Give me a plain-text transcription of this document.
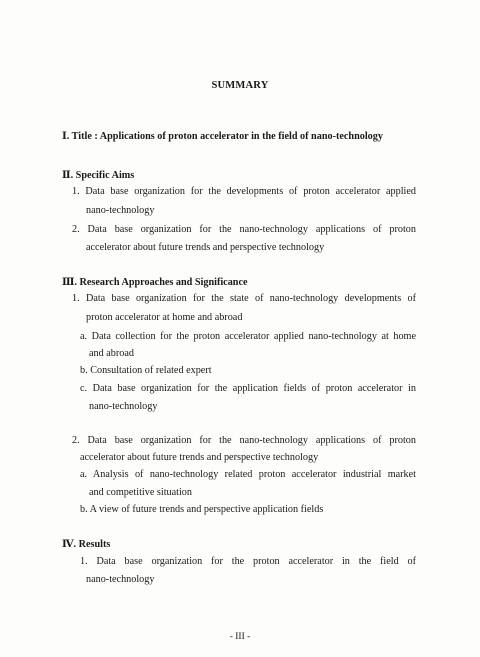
SUMMARY
Ⅰ. Title : Applications of proton accelerator in the field of nano-technology
Ⅱ. Specific Aims
1. Data base organization for the developments of proton accelerator applied
nano-technology
2. Data base organization for the nano-technology applications of proton
accelerator about future trends and perspective technology
Ⅲ. Research Approaches and Significance
1. Data base organization for the state of nano-technology developments of
proton accelerator at home and abroad
a. Data collection for the proton accelerator applied nano-technology at home
and abroad
b. Consultation of related expert
c. Data base organization for the application fields of proton accelerator in
nano-technology
2. Data base organization for the nano-technology applications of proton
accelerator about future trends and perspective technology
a. Analysis of nano-technology related proton accelerator industrial market
and competitive situation
b. A view of future trends and perspective application fields
Ⅳ. Results
1. Data base organization for the proton accelerator in the field of
nano-technology
- III -
